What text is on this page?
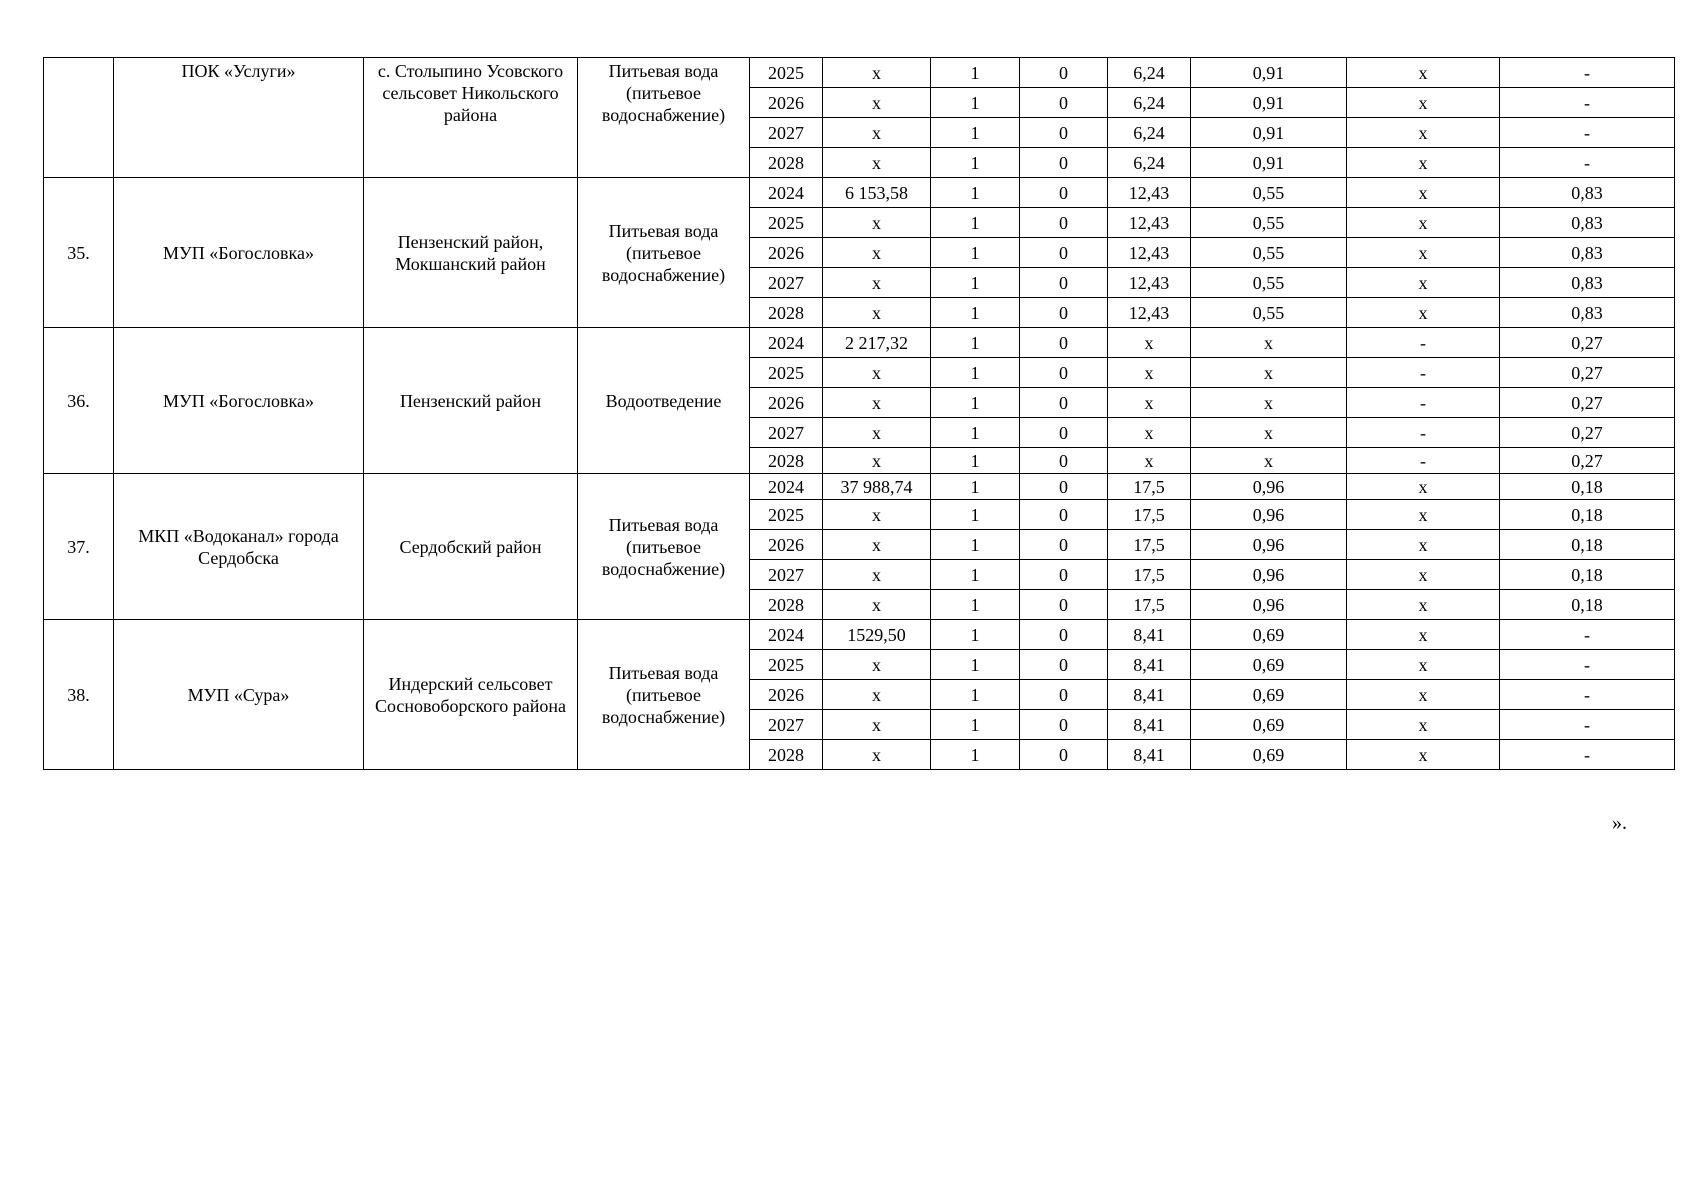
	ПОК «Услуги»	с. Столыпино Усовского сельсовет Никольского района	Питьевая вода (питьевое водоснабжение)	2025	x	1	0	6,24	0,91	x	-
				2026	x	1	0	6,24	0,91	x	-
				2027	x	1	0	6,24	0,91	x	-
				2028	x	1	0	6,24	0,91	x	-
35.	МУП «Богословка»	Пензенский район, Мокшанский район	Питьевая вода (питьевое водоснабжение)	2024	6 153,58	1	0	12,43	0,55	x	0,83
				2025	x	1	0	12,43	0,55	x	0,83
				2026	x	1	0	12,43	0,55	x	0,83
				2027	x	1	0	12,43	0,55	x	0,83
				2028	x	1	0	12,43	0,55	x	0,83
36.	МУП «Богословка»	Пензенский район	Водоотведение	2024	2 217,32	1	0	x	x	-	0,27
				2025	x	1	0	x	x	-	0,27
				2026	x	1	0	x	x	-	0,27
				2027	x	1	0	x	x	-	0,27
				2028	x	1	0	x	x	-	0,27
37.	МКП «Водоканал» города Сердобска	Сердобский район	Питьевая вода (питьевое водоснабжение)	2024	37 988,74	1	0	17,5	0,96	x	0,18
				2025	x	1	0	17,5	0,96	x	0,18
				2026	x	1	0	17,5	0,96	x	0,18
				2027	x	1	0	17,5	0,96	x	0,18
				2028	x	1	0	17,5	0,96	x	0,18
38.	МУП «Сура»	Индерский сельсовет Сосновоборского района	Питьевая вода (питьевое водоснабжение)	2024	1529,50	1	0	8,41	0,69	x	-
				2025	x	1	0	8,41	0,69	x	-
				2026	x	1	0	8,41	0,69	x	-
				2027	x	1	0	8,41	0,69	x	-
				2028	x	1	0	8,41	0,69	x	-
».
